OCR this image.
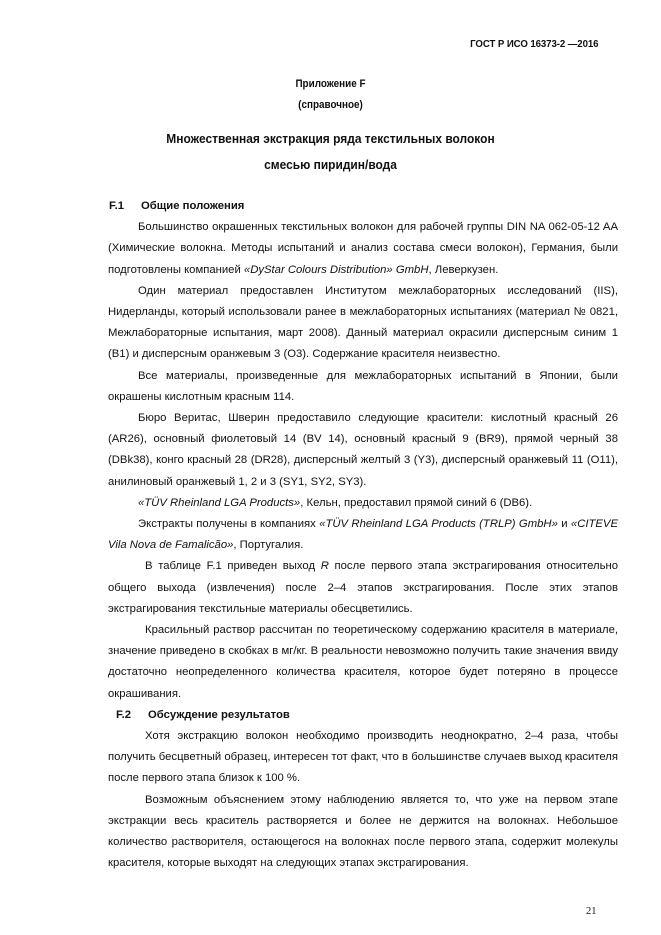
ГОСТ Р ИСО 16373-2 —2016
Приложение F
(справочное)
Множественная экстракция ряда текстильных волокон
смесью пиридин/вода
F.1 Общие положения

Большинство окрашенных текстильных волокон для рабочей группы DIN NA 062-05-12 AA (Химические волокна. Методы испытаний и анализ состава смеси волокон), Германия, были подготовлены компанией «DyStar Colours Distribution» GmbH, Леверкузен.

Один материал предоставлен Институтом межлабораторных исследований (IIS), Нидерланды, который использовали ранее в межлабораторных испытаниях (материал № 0821, Межлабораторные испытания, март 2008). Данный материал окрасили дисперсным синим 1 (B1) и дисперсным оранжевым 3 (O3). Содержание красителя неизвестно.

Все материалы, произведенные для межлабораторных испытаний в Японии, были окрашены кислотным красным 114.

Бюро Веритас, Шверин предоставило следующие красители: кислотный красный 26 (AR26), основный фиолетовый 14 (BV 14), основный красный 9 (BR9), прямой черный 38 (DBk38), конго красный 28 (DR28), дисперсный желтый 3 (Y3), дисперсный оранжевый 11 (O11), анилиновый оранжевый 1, 2 и 3 (SY1, SY2, SY3).

«TÜV Rheinland LGA Products», Кельн, предоставил прямой синий 6 (DB6).

Экстракты получены в компаниях «TÜV Rheinland LGA Products (TRLP) GmbH» и «CITEVE Vila Nova de Famalicão», Португалия.

В таблице F.1 приведен выход R после первого этапа экстрагирования относительно общего выхода (извлечения) после 2–4 этапов экстрагирования. После этих этапов экстрагирования текстильные материалы обесцветились.

Красильный раствор рассчитан по теоретическому содержанию красителя в материале, значение приведено в скобках в мг/кг. В реальности невозможно получить такие значения ввиду достаточно неопределенного количества красителя, которое будет потеряно в процессе окрашивания.

F.2 Обсуждение результатов

Хотя экстракцию волокон необходимо производить неоднократно, 2–4 раза, чтобы получить бесцветный образец, интересен тот факт, что в большинстве случаев выход красителя после первого этапа близок к 100 %.

Возможным объяснением этому наблюдению является то, что уже на первом этапе экстракции весь краситель растворяется и более не держится на волокнах. Небольшое количество растворителя, остающегося на волокнах после первого этапа, содержит молекулы красителя, которые выходят на следующих этапах экстрагирования.

21
